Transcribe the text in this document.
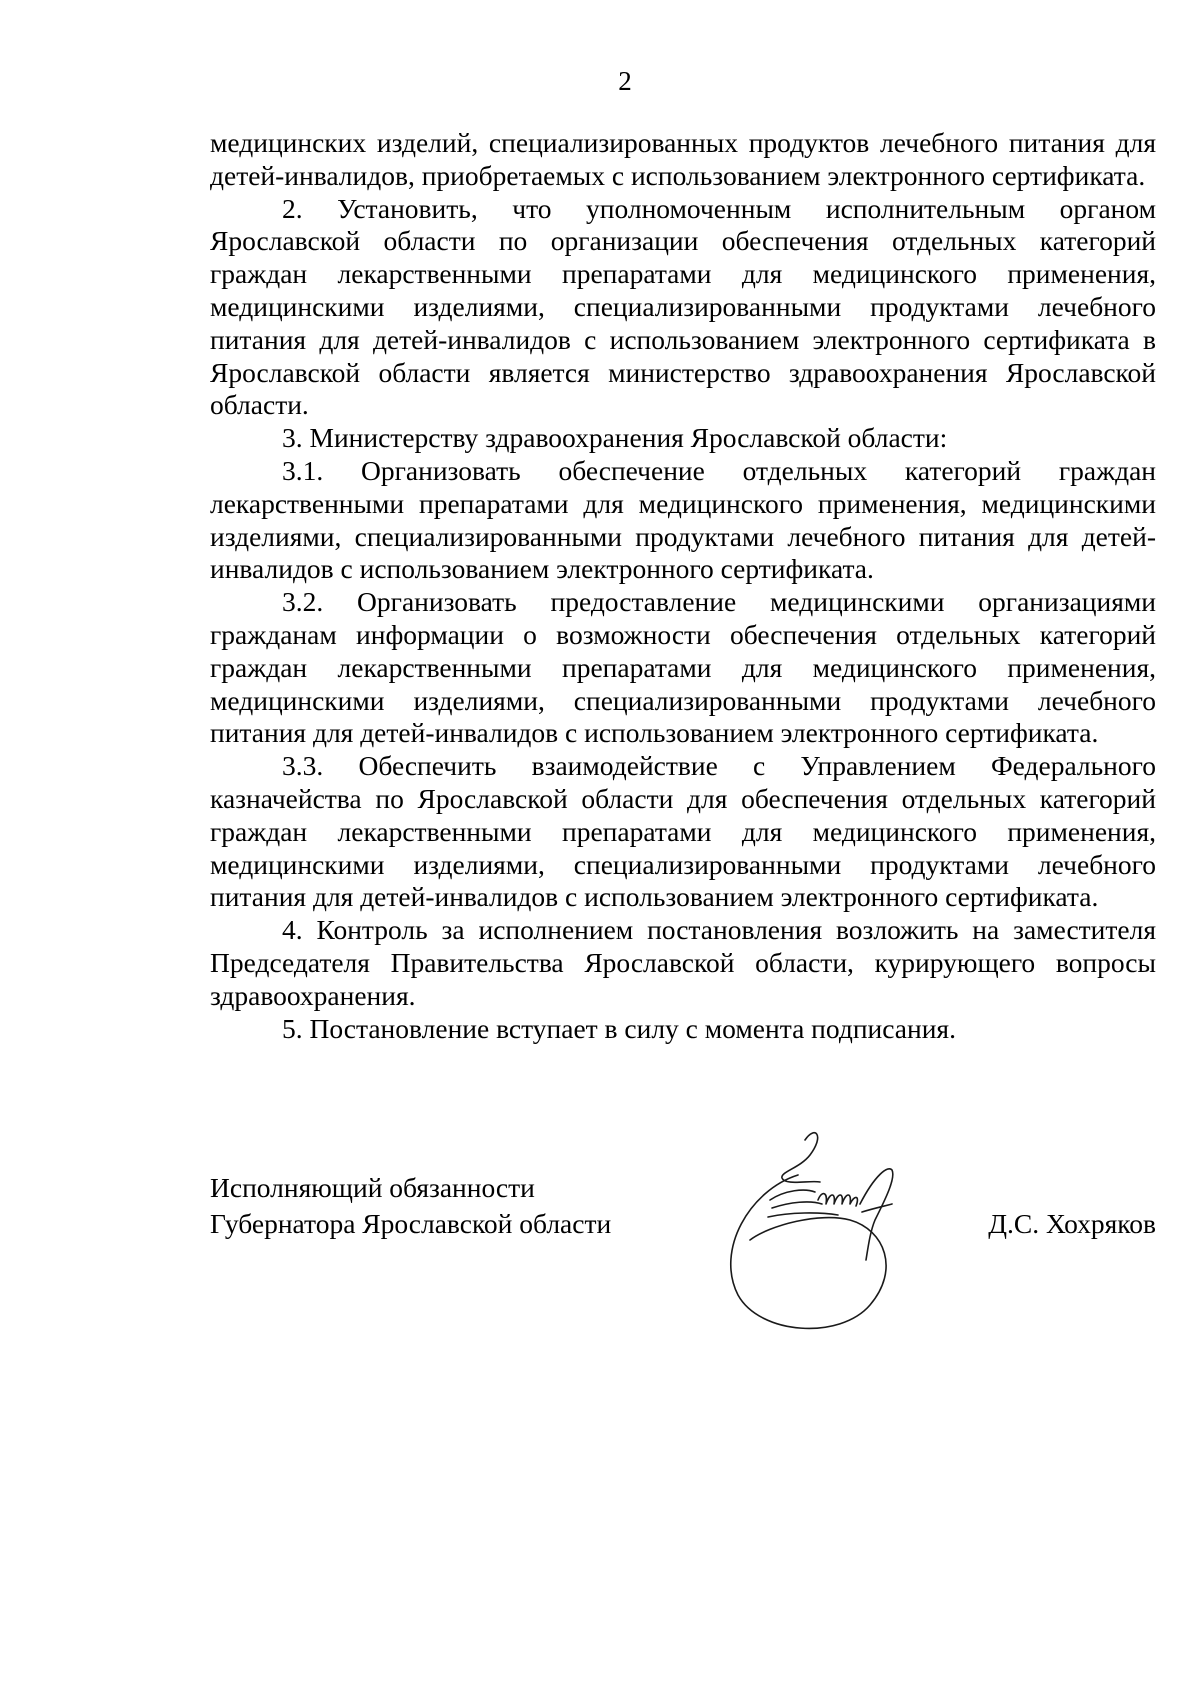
2

медицинских изделий, специализированных продуктов лечебного питания для детей-инвалидов, приобретаемых с использованием электронного сертификата.

2. Установить, что уполномоченным исполнительным органом Ярославской области по организации обеспечения отдельных категорий граждан лекарственными препаратами для медицинского применения, медицинскими изделиями, специализированными продуктами лечебного питания для детей-инвалидов с использованием электронного сертификата в Ярославской области является министерство здравоохранения Ярославской области.

3. Министерству здравоохранения Ярославской области:

3.1. Организовать обеспечение отдельных категорий граждан лекарственными препаратами для медицинского применения, медицинскими изделиями, специализированными продуктами лечебного питания для детей-инвалидов с использованием электронного сертификата.

3.2. Организовать предоставление медицинскими организациями гражданам информации о возможности обеспечения отдельных категорий граждан лекарственными препаратами для медицинского применения, медицинскими изделиями, специализированными продуктами лечебного питания для детей-инвалидов с использованием электронного сертификата.

3.3. Обеспечить взаимодействие с Управлением Федерального казначейства по Ярославской области для обеспечения отдельных категорий граждан лекарственными препаратами для медицинского применения, медицинскими изделиями, специализированными продуктами лечебного питания для детей-инвалидов с использованием электронного сертификата.

4. Контроль за исполнением постановления возложить на заместителя Председателя Правительства Ярославской области, курирующего вопросы здравоохранения.

5. Постановление вступает в силу с момента подписания.

Исполняющий обязанности
Губернатора Ярославской области	Д.С. Хохряков
